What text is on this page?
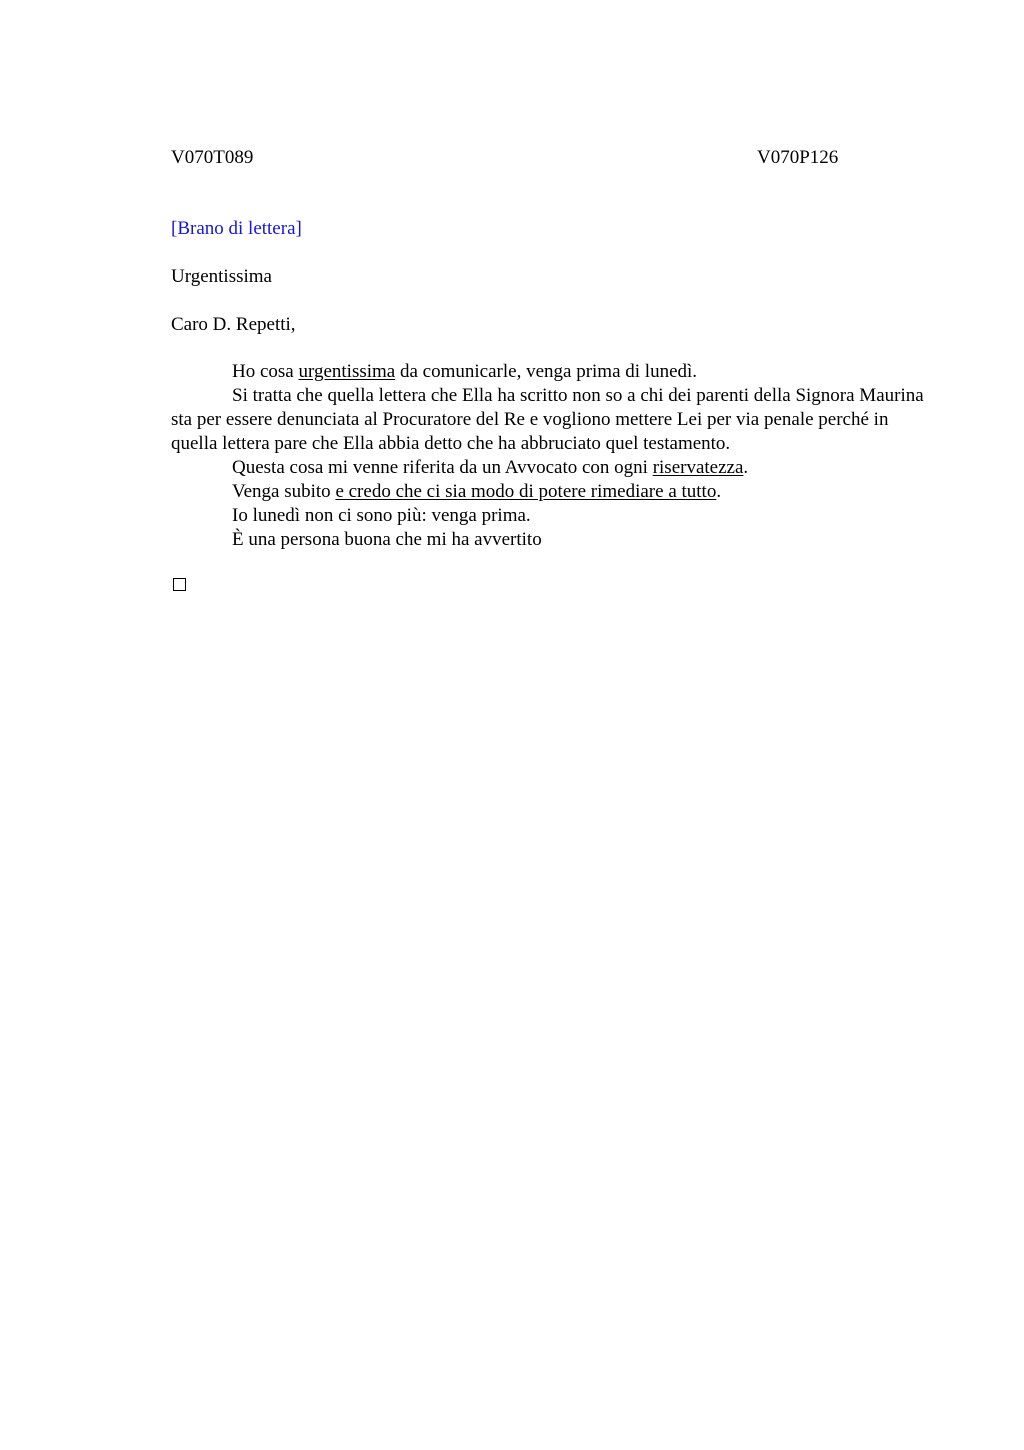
V070T089	V070P126
[Brano di lettera]
Urgentissima
Caro D. Repetti,

Ho cosa urgentissima da comunicarle, venga prima di lunedì.

Si tratta che quella lettera che Ella ha scritto non so a chi dei parenti della Signora Maurina sta per essere denunciata al Procuratore del Re e vogliono mettere Lei per via penale perché in quella lettera pare che Ella abbia detto che ha abbruciato quel testamento.

Questa cosa mi venne riferita da un Avvocato con ogni riservatezza.

Venga subito e credo che ci sia modo di potere rimediare a tutto.

Io lunedì non ci sono più: venga prima.

È una persona buona che mi ha avvertito
